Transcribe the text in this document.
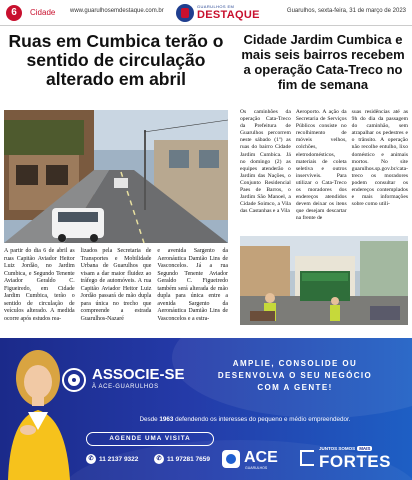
6	Cidade www.guarulhosemdestaque.com.br
GUARULHOS EM
DESTAQUE	Guarulhos, sexta-feira, 31 de março de 2023
Ruas em Cumbica terão o sentido de circulação alterado em abril
A partir do dia 6 de abril as ruas Capitão Aviador Heitor Luiz Jordão, no Jardim Cumbica, e Segundo Tenente Aviador Geraldo C. Figueiredo, em Cidade Jardim Cumbica, terão o sentido de circulação de veículos alterado. A medida ocorre após estudos rea-
lizados pela Secretaria de Transportes e Mobilidade Urbana de Guarulhos que visam a dar maior fluidez ao tráfego de automóveis. A rua Capitão Aviador Heitor Luiz Jordão passará de mão dupla para única no trecho que compreende a estrada Guarulhos-Nazaré
e avenida Sargento da Aeronáutica Damião Lins de Vasconcelos. Já a rua Segundo Tenente Aviador Geraldo C. Figueiredo também será alterada de mão dupla para única entre a avenida Sargento da Aeronáutica Damião Lins de Vasconcelos e a estra-
Cidade Jardim Cumbica e mais seis bairros recebem a operação Cata-Treco no fim de semana
Os caminhões da operação Cata-Treco da Prefeitura de Guarulhos percorrem neste sábado (1º) as ruas do bairro Cidade Jardim Cumbica. Já no domingo (2) as equipes atenderão o Jardim das Nações, o Conjunto Residencial Paes de Barros, o Jardim São Manoel, a Cidade Soimco, a Vila das Castanhas e a Vila
Aeroporto. A ação da Secretaria de Serviços Públicos consiste no recolhimento de móveis velhos, colchões, eletrodomésticos, materiais de coleta seletiva e outros inservíveis. Para utilizar o Cata-Treco os moradores dos endereços atendidos devem deixar os itens que desejam descartar na frente de
suas residências até as 9h do dia da passagem do caminhão, sem atrapalhar os pedestres e o trânsito. A operação não recolhe entulho, lixo doméstico e animais mortos. No site guarulhos.sp.gov.br/cata-treco os moradores podem consultar os endereços contemplados e mais informações sobre como utili-
ASSOCIE-SE
À ACE-GUARULHOS
AMPLIE, CONSOLIDE OU
DESENVOLVA O SEU NEGÓCIO
COM A GENTE!
Desde 1963 defendendo os interesses do pequeno e médio empreendedor.
AGENDE UMA VISITA
✆ 11 2137 9322	✆ 11 97281 7659 ACE
GUARULHOS
JUNTOS SOMOS MAIS
FORTES
